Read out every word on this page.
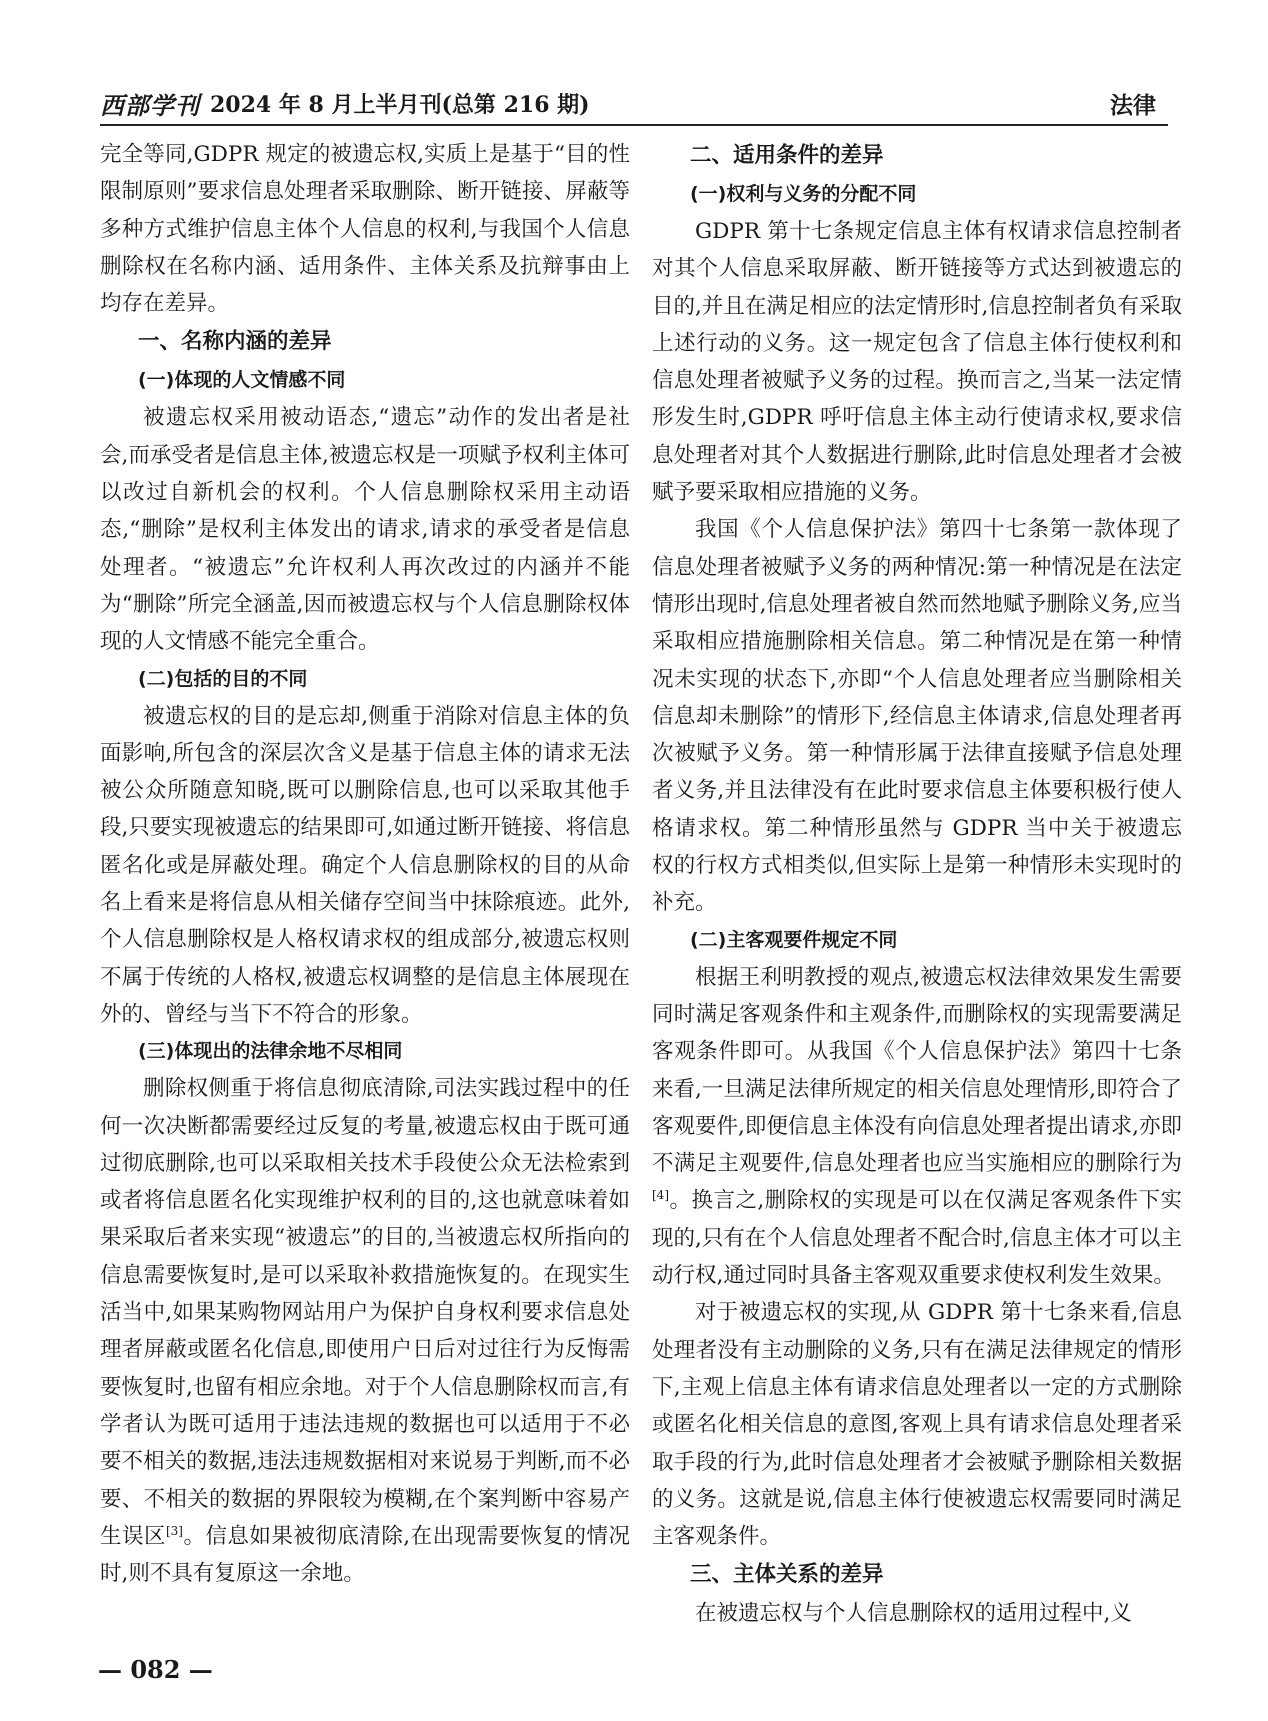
西部学刊 2024 年 8 月上半月刊(总第 216 期)	法律

完全等同,GDPR 规定的被遗忘权,实质上是基于“目的性限制原则”要求信息处理者采取删除、断开链接、屏蔽等多种方式维护信息主体个人信息的权利,与我国个人信息删除权在名称内涵、适用条件、主体关系及抗辩事由上均存在差异。

一、名称内涵的差异
(一)体现的人文情感不同

被遗忘权采用被动语态,“遗忘”动作的发出者是社会,而承受者是信息主体,被遗忘权是一项赋予权利主体可以改过自新机会的权利。个人信息删除权采用主动语态,“删除”是权利主体发出的请求,请求的承受者是信息处理者。“被遗忘”允许权利人再次改过的内涵并不能为“删除”所完全涵盖,因而被遗忘权与个人信息删除权体现的人文情感不能完全重合。

(二)包括的目的不同

被遗忘权的目的是忘却,侧重于消除对信息主体的负面影响,所包含的深层次含义是基于信息主体的请求无法被公众所随意知晓,既可以删除信息,也可以采取其他手段,只要实现被遗忘的结果即可,如通过断开链接、将信息匿名化或是屏蔽处理。确定个人信息删除权的目的从命名上看来是将信息从相关储存空间当中抹除痕迹。此外,个人信息删除权是人格权请求权的组成部分,被遗忘权则不属于传统的人格权,被遗忘权调整的是信息主体展现在外的、曾经与当下不符合的形象。

(三)体现出的法律余地不尽相同

删除权侧重于将信息彻底清除,司法实践过程中的任何一次决断都需要经过反复的考量,被遗忘权由于既可通过彻底删除,也可以采取相关技术手段使公众无法检索到或者将信息匿名化实现维护权利的目的,这也就意味着如果采取后者来实现“被遗忘”的目的,当被遗忘权所指向的信息需要恢复时,是可以采取补救措施恢复的。在现实生活当中,如果某购物网站用户为保护自身权利要求信息处理者屏蔽或匿名化信息,即使用户日后对过往行为反悔需要恢复时,也留有相应余地。对于个人信息删除权而言,有学者认为既可适用于违法违规的数据也可以适用于不必要不相关的数据,违法违规数据相对来说易于判断,而不必要、不相关的数据的界限较为模糊,在个案判断中容易产生误区[3]。信息如果被彻底清除,在出现需要恢复的情况时,则不具有复原这一余地。

二、适用条件的差异
(一)权利与义务的分配不同

GDPR 第十七条规定信息主体有权请求信息控制者对其个人信息采取屏蔽、断开链接等方式达到被遗忘的目的,并且在满足相应的法定情形时,信息控制者负有采取上述行动的义务。这一规定包含了信息主体行使权利和信息处理者被赋予义务的过程。换而言之,当某一法定情形发生时,GDPR 呼吁信息主体主动行使请求权,要求信息处理者对其个人数据进行删除,此时信息处理者才会被赋予要采取相应措施的义务。

我国《个人信息保护法》第四十七条第一款体现了信息处理者被赋予义务的两种情况:第一种情况是在法定情形出现时,信息处理者被自然而然地赋予删除义务,应当采取相应措施删除相关信息。第二种情况是在第一种情况未实现的状态下,亦即“个人信息处理者应当删除相关信息却未删除”的情形下,经信息主体请求,信息处理者再次被赋予义务。第一种情形属于法律直接赋予信息处理者义务,并且法律没有在此时要求信息主体要积极行使人格请求权。第二种情形虽然与 GDPR 当中关于被遗忘权的行权方式相类似,但实际上是第一种情形未实现时的补充。

(二)主客观要件规定不同

根据王利明教授的观点,被遗忘权法律效果发生需要同时满足客观条件和主观条件,而删除权的实现需要满足客观条件即可。从我国《个人信息保护法》第四十七条来看,一旦满足法律所规定的相关信息处理情形,即符合了客观要件,即便信息主体没有向信息处理者提出请求,亦即不满足主观要件,信息处理者也应当实施相应的删除行为[4]。换言之,删除权的实现是可以在仅满足客观条件下实现的,只有在个人信息处理者不配合时,信息主体才可以主动行权,通过同时具备主客观双重要求使权利发生效果。

对于被遗忘权的实现,从 GDPR 第十七条来看,信息处理者没有主动删除的义务,只有在满足法律规定的情形下,主观上信息主体有请求信息处理者以一定的方式删除或匿名化相关信息的意图,客观上具有请求信息处理者采取手段的行为,此时信息处理者才会被赋予删除相关数据的义务。这就是说,信息主体行使被遗忘权需要同时满足主客观条件。

三、主体关系的差异

在被遗忘权与个人信息删除权的适用过程中,义

— 082 —
